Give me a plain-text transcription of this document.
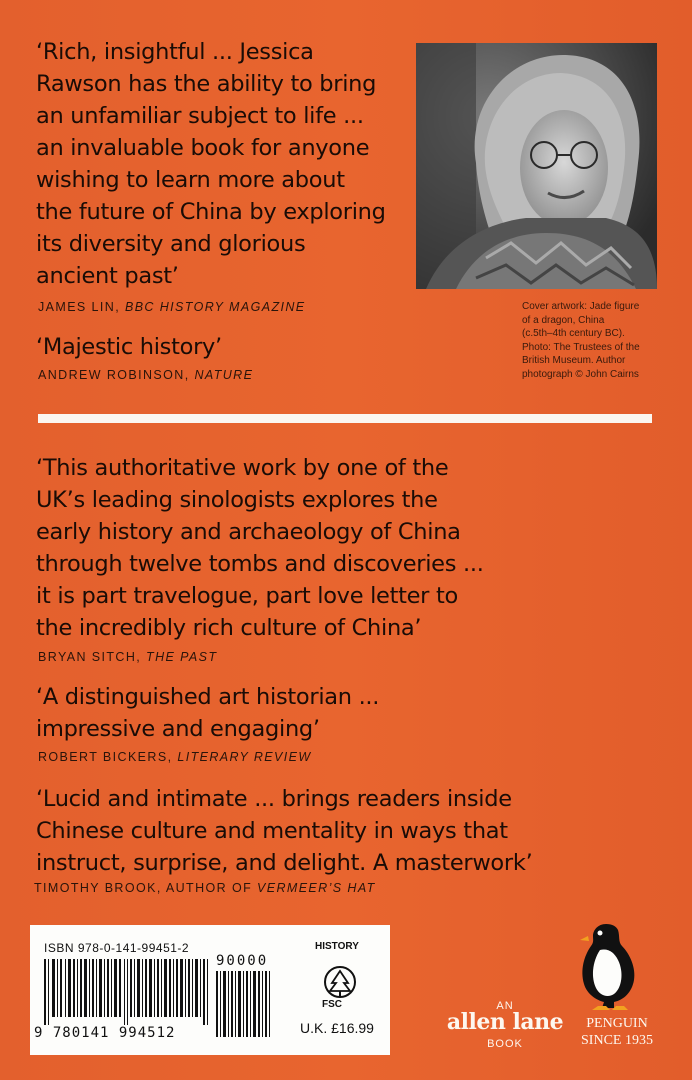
‘Rich, insightful ... Jessica
Rawson has the ability to bring
an unfamiliar subject to life ...
an invaluable book for anyone
wishing to learn more about
the future of China by exploring
its diversity and glorious
ancient past’
JAMES LIN, BBC HISTORY MAGAZINE
‘Majestic history’
ANDREW ROBINSON, NATURE
Cover artwork: Jade figure
of a dragon, China
(c.5th–4th century BC).
Photo: The Trustees of the
British Museum. Author
photograph © John Cairns
‘This authoritative work by one of the
UK’s leading sinologists explores the
early history and archaeology of China
through twelve tombs and discoveries ...
it is part travelogue, part love letter to
the incredibly rich culture of China’
BRYAN SITCH, THE PAST
‘A distinguished art historian ...
impressive and engaging’
ROBERT BICKERS, LITERARY REVIEW
‘Lucid and intimate ... brings readers inside
Chinese culture and mentality in ways that
instruct, surprise, and delight. A masterwork’
TIMOTHY BROOK, AUTHOR OF VERMEER’S HAT
ISBN 978-0-141-99451-2
9 780141 994512
90000
HISTORY
FSC
U.K. £16.99
AN
allen lane
BOOK
PENGUIN
SINCE 1935
